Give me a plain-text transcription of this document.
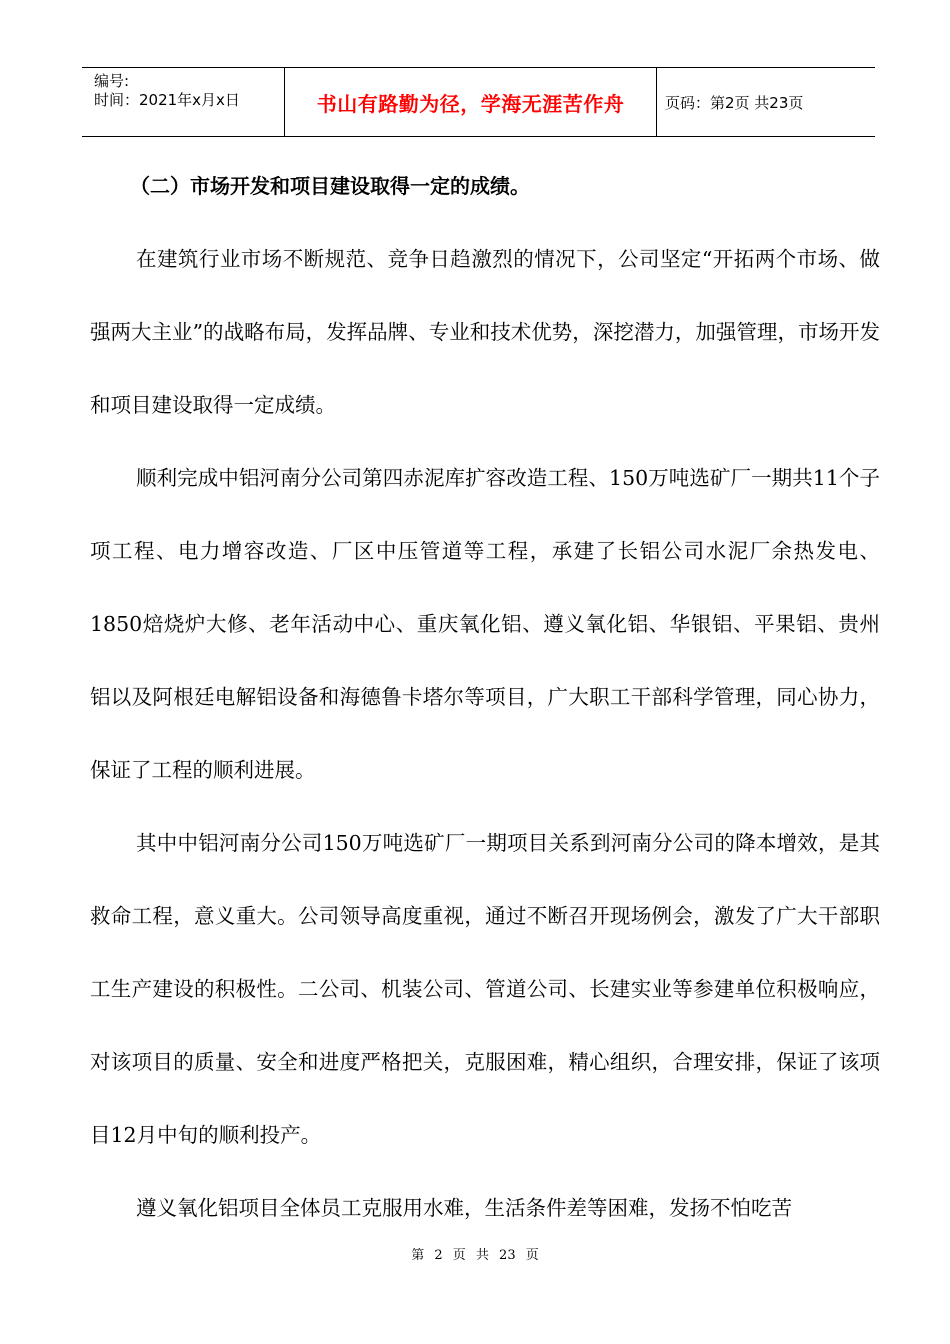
编号:
时间：2021年x月x日	书山有路勤为径，学海无涯苦作舟	页码：第2页 共23页

（二）市场开发和项目建设取得一定的成绩。

在建筑行业市场不断规范、竞争日趋激烈的情况下，公司坚定“开拓两个市场、做强两大主业”的战略布局，发挥品牌、专业和技术优势，深挖潜力，加强管理，市场开发和项目建设取得一定成绩。

顺利完成中铝河南分公司第四赤泥库扩容改造工程、150万吨选矿厂一期共11个子项工程、电力增容改造、厂区中压管道等工程，承建了长铝公司水泥厂余热发电、1850焙烧炉大修、老年活动中心、重庆氧化铝、遵义氧化铝、华银铝、平果铝、贵州铝以及阿根廷电解铝设备和海德鲁卡塔尔等项目，广大职工干部科学管理，同心协力，保证了工程的顺利进展。

其中中铝河南分公司150万吨选矿厂一期项目关系到河南分公司的降本增效，是其救命工程，意义重大。公司领导高度重视，通过不断召开现场例会，激发了广大干部职工生产建设的积极性。二公司、机装公司、管道公司、长建实业等参建单位积极响应，对该项目的质量、安全和进度严格把关，克服困难，精心组织，合理安排，保证了该项目12月中旬的顺利投产。

遵义氧化铝项目全体员工克服用水难，生活条件差等困难，发扬不怕吃苦

第 2 页 共 23 页
